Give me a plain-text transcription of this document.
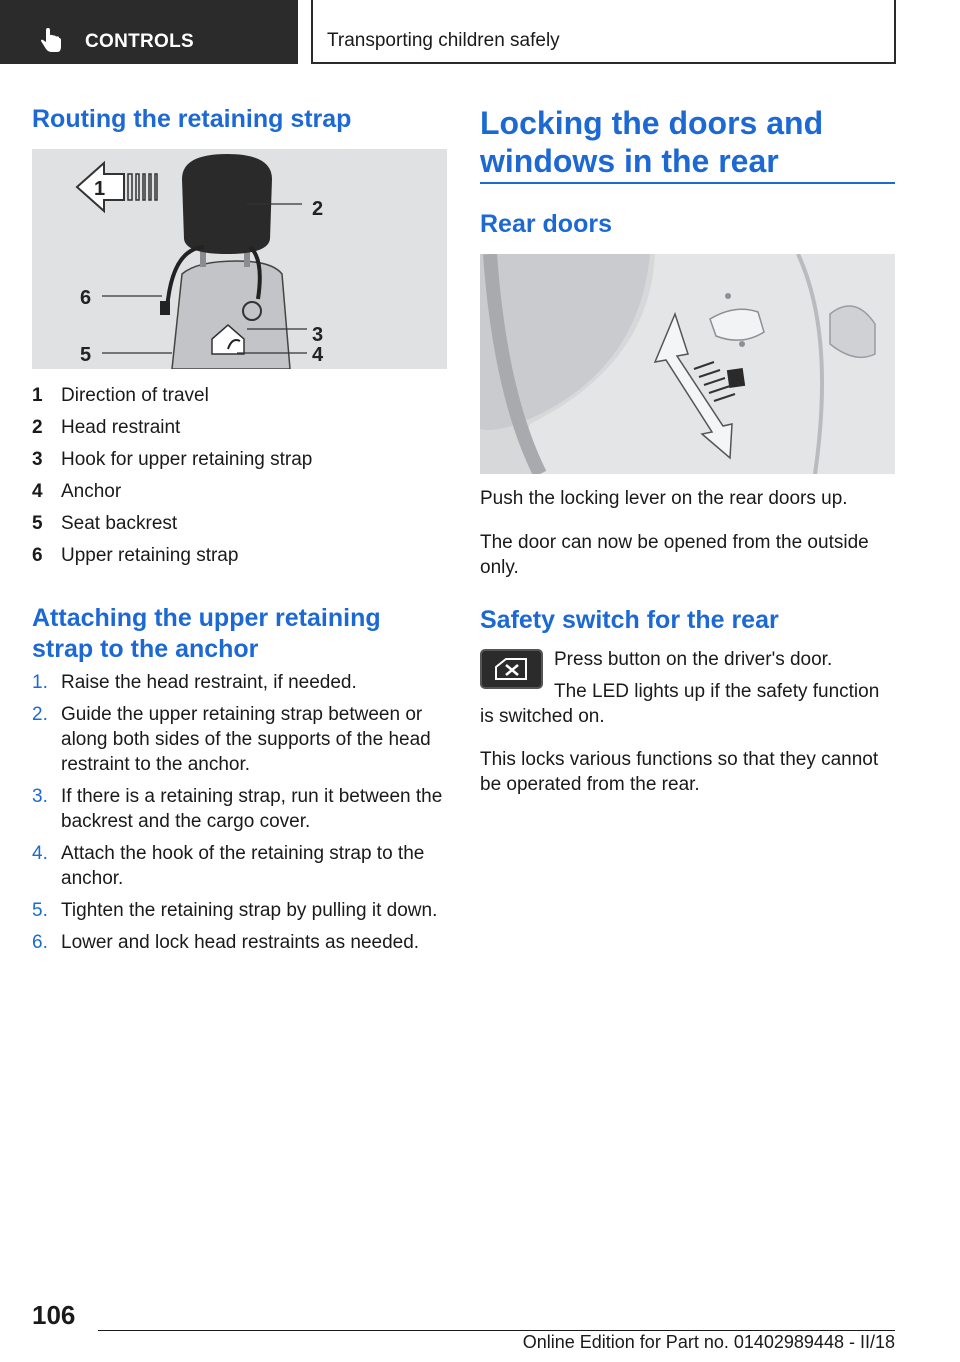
CONTROLS	Transporting children safely
Routing the retaining strap
1
2
3
4
5
6
1 Direction of travel
2 Head restraint
3 Hook for upper retaining strap
4 Anchor
5 Seat backrest
6 Upper retaining strap
Attaching the upper retaining
strap to the anchor
1. Raise the head restraint, if needed.
2. Guide the upper retaining strap between or along both sides of the supports of the head restraint to the anchor.
3. If there is a retaining strap, run it between the backrest and the cargo cover.
4. Attach the hook of the retaining strap to the anchor.
5. Tighten the retaining strap by pulling it down.
6. Lower and lock head restraints as needed.
Locking the doors and
windows in the rear
Rear doors

Push the locking lever on the rear doors up.

The door can now be opened from the outside only.

Safety switch for the rear

Press button on the driver's door.

The LED lights up if the safety function

is switched on.

This locks various functions so that they cannot be operated from the rear.

106
Online Edition for Part no. 01402989448 - II/18
